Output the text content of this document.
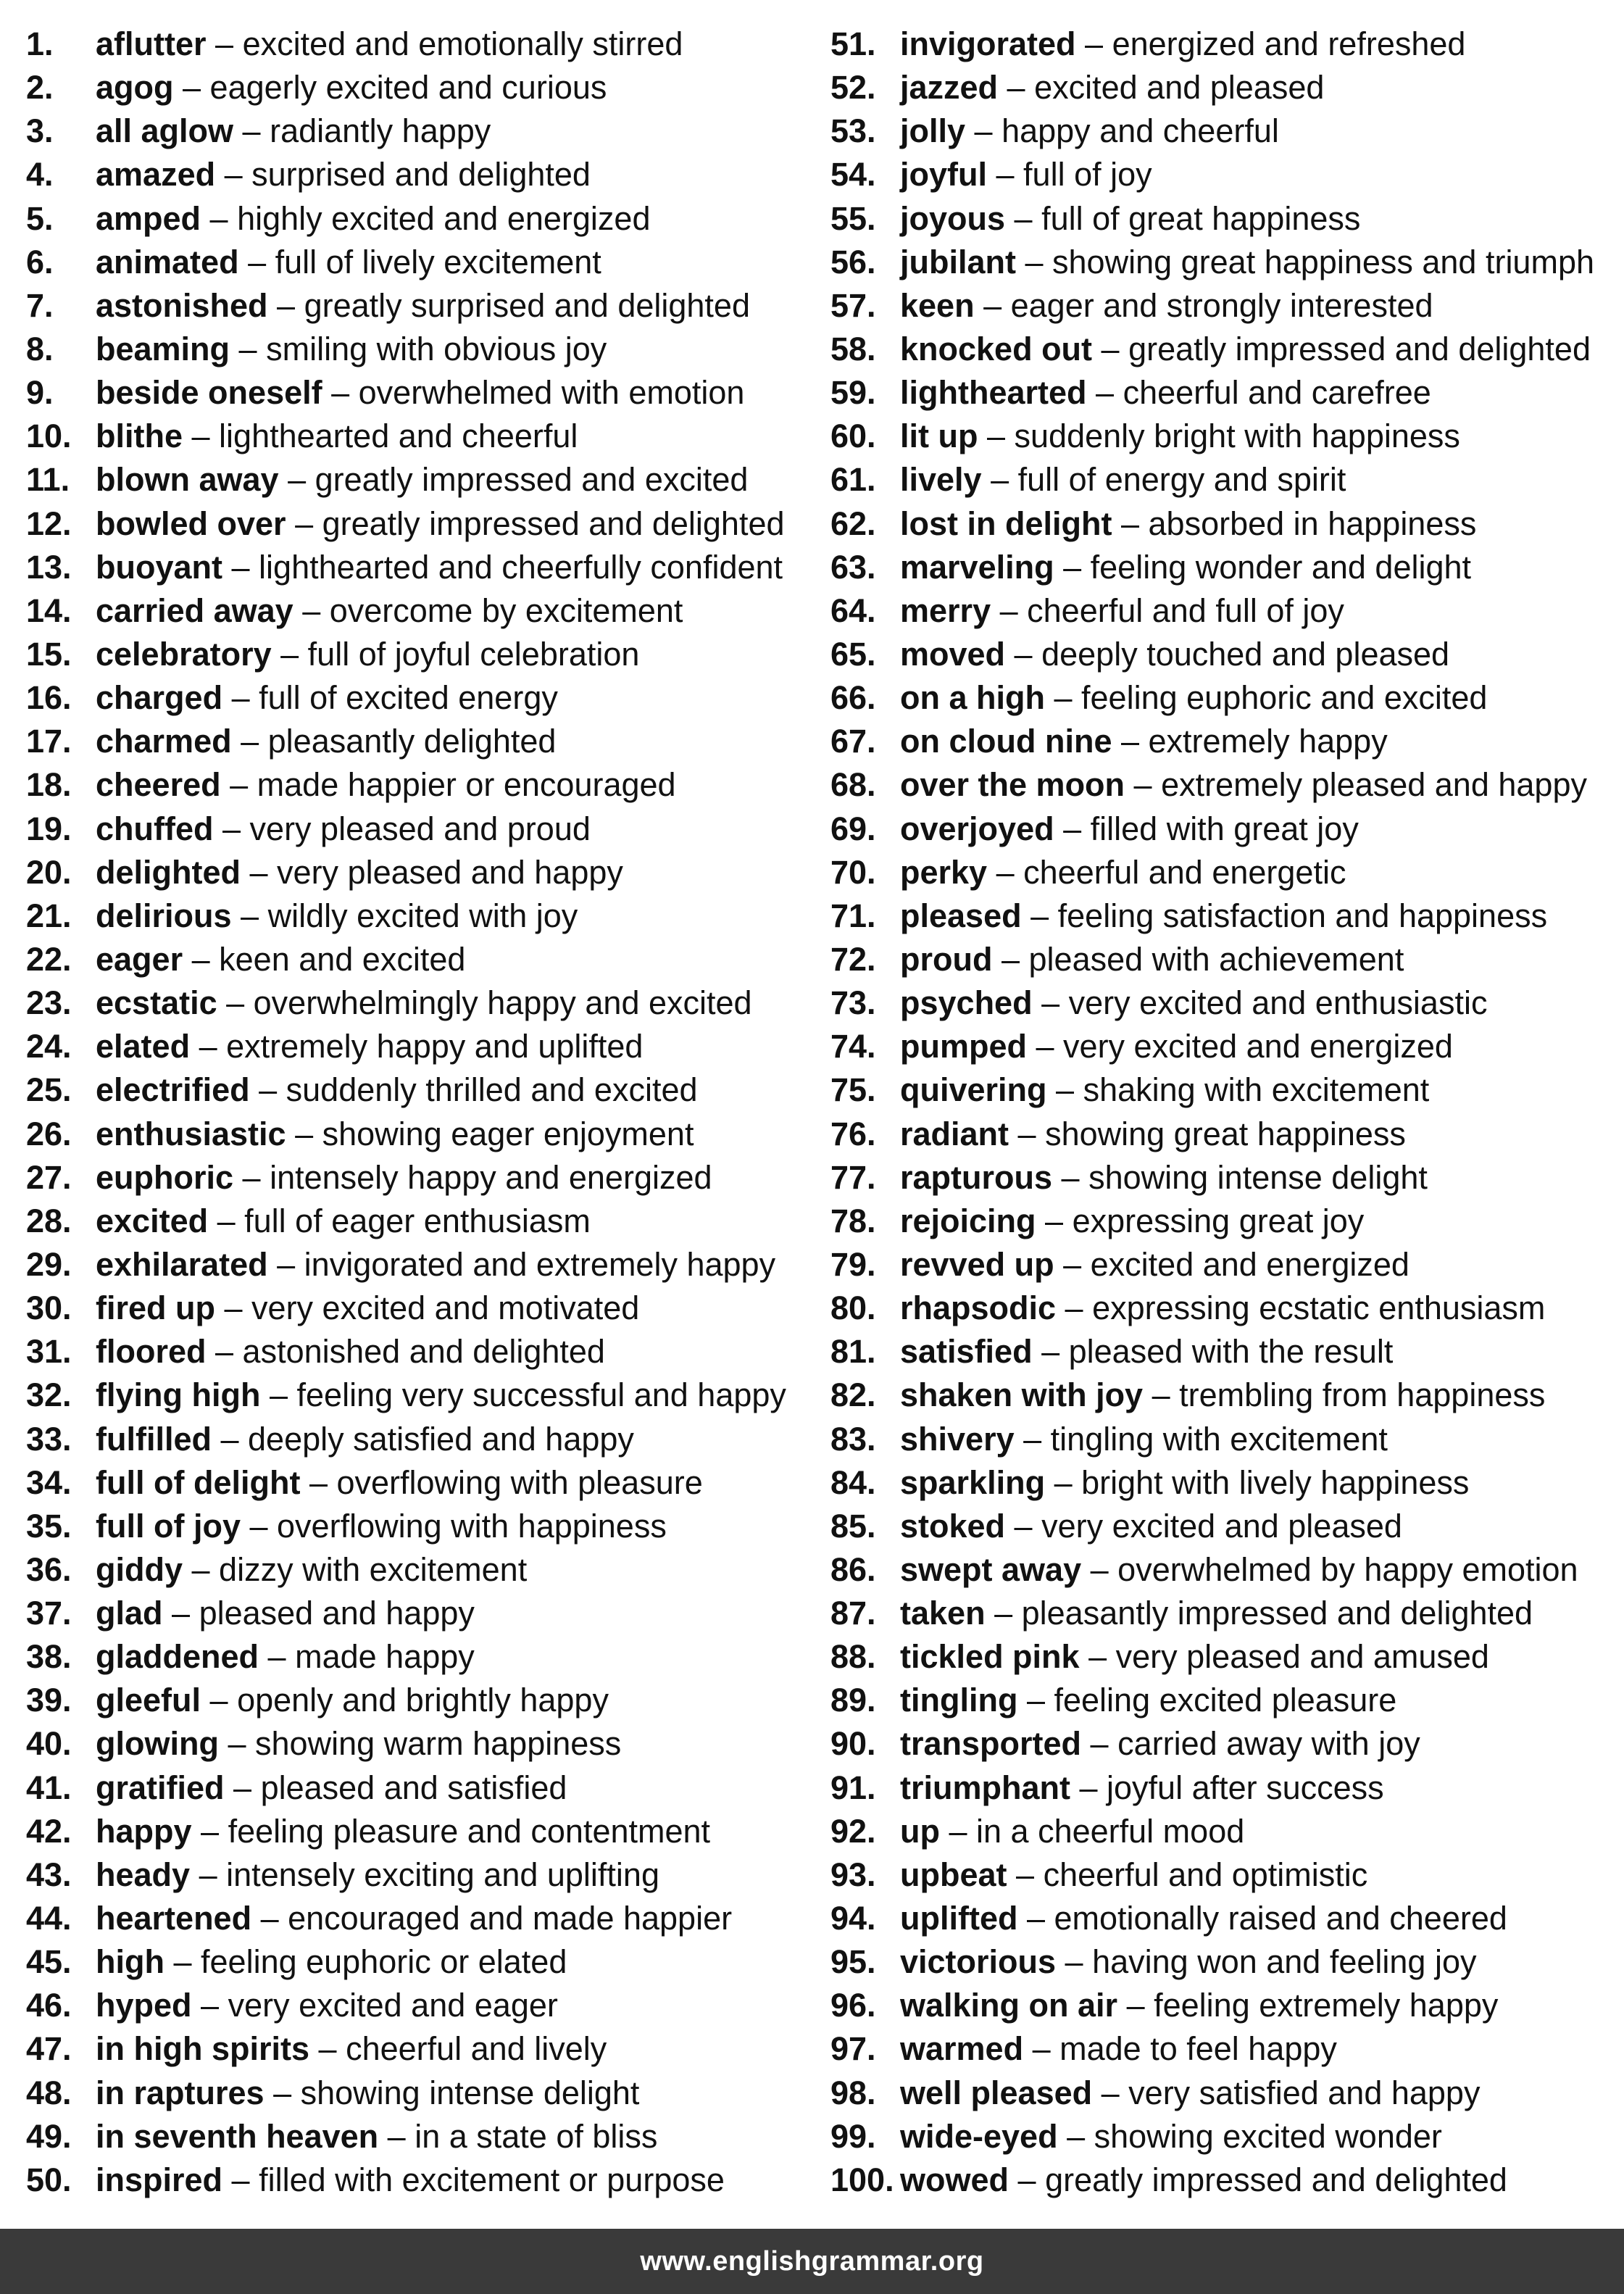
1.	aflutter – excited and emotionally stirred
2.	agog – eagerly excited and curious
3.	all aglow – radiantly happy
4.	amazed – surprised and delighted
5.	amped – highly excited and energized
6.	animated – full of lively excitement
7.	astonished – greatly surprised and delighted
8.	beaming – smiling with obvious joy
9.	beside oneself – overwhelmed with emotion
10. blithe – lighthearted and cheerful
11. blown away – greatly impressed and excited
12. bowled over – greatly impressed and delighted
13. buoyant – lighthearted and cheerfully confident
14. carried away – overcome by excitement
15. celebratory – full of joyful celebration
16. charged – full of excited energy
17. charmed – pleasantly delighted
18. cheered – made happier or encouraged
19. chuffed – very pleased and proud
20. delighted – very pleased and happy
21. delirious – wildly excited with joy
22. eager – keen and excited
23. ecstatic – overwhelmingly happy and excited
24. elated – extremely happy and uplifted
25. electrified – suddenly thrilled and excited
26. enthusiastic – showing eager enjoyment
27. euphoric – intensely happy and energized
28. excited – full of eager enthusiasm
29. exhilarated – invigorated and extremely happy
30. fired up – very excited and motivated
31. floored – astonished and delighted
32. flying high – feeling very successful and happy
33. fulfilled – deeply satisfied and happy
34. full of delight – overflowing with pleasure
35. full of joy – overflowing with happiness
36. giddy – dizzy with excitement
37. glad – pleased and happy
38. gladdened – made happy
39. gleeful – openly and brightly happy
40. glowing – showing warm happiness
41. gratified – pleased and satisfied
42. happy – feeling pleasure and contentment
43. heady – intensely exciting and uplifting
44. heartened – encouraged and made happier
45. high – feeling euphoric or elated
46. hyped – very excited and eager
47. in high spirits – cheerful and lively
48. in raptures – showing intense delight
49. in seventh heaven – in a state of bliss
50. inspired – filled with excitement or purpose
51. invigorated – energized and refreshed
52. jazzed – excited and pleased
53. jolly – happy and cheerful
54. joyful – full of joy
55. joyous – full of great happiness
56. jubilant – showing great happiness and triumph
57. keen – eager and strongly interested
58. knocked out – greatly impressed and delighted
59. lighthearted – cheerful and carefree
60. lit up – suddenly bright with happiness
61. lively – full of energy and spirit
62. lost in delight – absorbed in happiness
63. marveling – feeling wonder and delight
64. merry – cheerful and full of joy
65. moved – deeply touched and pleased
66. on a high – feeling euphoric and excited
67. on cloud nine – extremely happy
68. over the moon – extremely pleased and happy
69. overjoyed – filled with great joy
70. perky – cheerful and energetic
71. pleased – feeling satisfaction and happiness
72. proud – pleased with achievement
73. psyched – very excited and enthusiastic
74. pumped – very excited and energized
75. quivering – shaking with excitement
76. radiant – showing great happiness
77. rapturous – showing intense delight
78. rejoicing – expressing great joy
79. revved up – excited and energized
80. rhapsodic – expressing ecstatic enthusiasm
81. satisfied – pleased with the result
82. shaken with joy – trembling from happiness
83. shivery – tingling with excitement
84. sparkling – bright with lively happiness
85. stoked – very excited and pleased
86. swept away – overwhelmed by happy emotion
87. taken – pleasantly impressed and delighted
88. tickled pink – very pleased and amused
89. tingling – feeling excited pleasure
90. transported – carried away with joy
91. triumphant – joyful after success
92. up – in a cheerful mood
93. upbeat – cheerful and optimistic
94. uplifted – emotionally raised and cheered
95. victorious – having won and feeling joy
96. walking on air – feeling extremely happy
97. warmed – made to feel happy
98. well pleased – very satisfied and happy
99. wide-eyed – showing excited wonder
100. wowed – greatly impressed and delighted
www.englishgrammar.org
